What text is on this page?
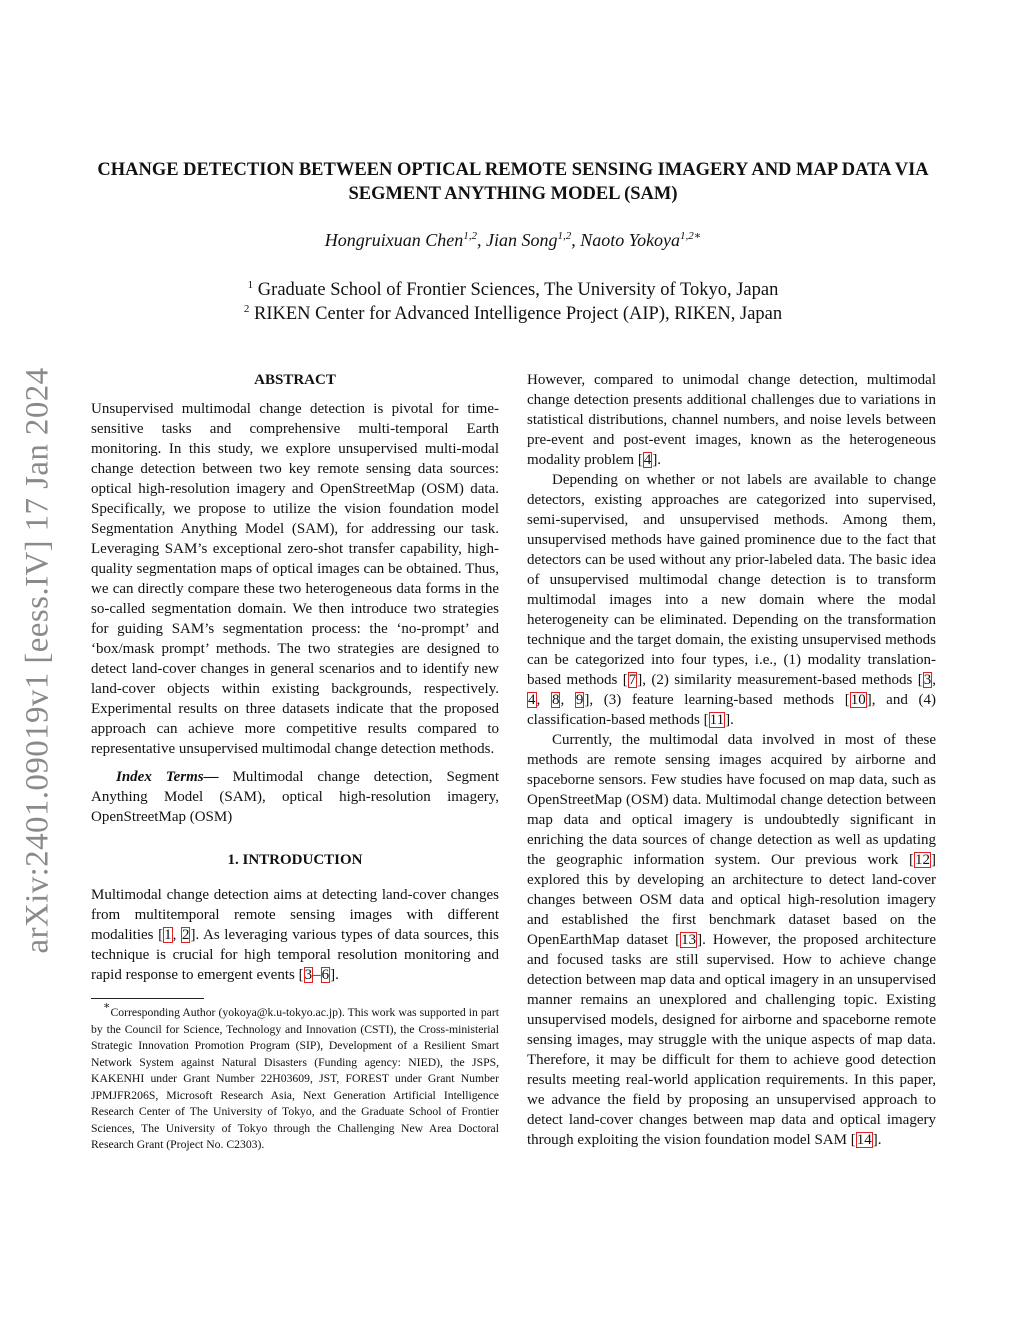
arXiv:2401.09019v1 [eess.IV] 17 Jan 2024
CHANGE DETECTION BETWEEN OPTICAL REMOTE SENSING IMAGERY AND MAP DATA VIA SEGMENT ANYTHING MODEL (SAM)
Hongruixuan Chen$^{1,2}$, Jian Song$^{1,2}$, Naoto Yokoya$^{1,2∗}$
$^1$ Graduate School of Frontier Sciences, The University of Tokyo, Japan
$^2$ RIKEN Center for Advanced Intelligence Project (AIP), RIKEN, Japan
ABSTRACT

Unsupervised multimodal change detection is pivotal for time-sensitive tasks and comprehensive multi-temporal Earth monitoring. In this study, we explore unsupervised multi-modal change detection between two key remote sensing data sources: optical high-resolution imagery and OpenStreetMap (OSM) data. Specifically, we propose to utilize the vision foundation model Segmentation Anything Model (SAM), for addressing our task. Leveraging SAM’s exceptional zero-shot transfer capability, high-quality segmentation maps of optical images can be obtained. Thus, we can directly compare these two heterogeneous data forms in the so-called segmentation domain. We then introduce two strategies for guiding SAM’s segmentation process: the ‘no-prompt’ and ‘box/mask prompt’ methods. The two strategies are designed to detect land-cover changes in general scenarios and to identify new land-cover objects within existing backgrounds, respectively. Experimental results on three datasets indicate that the proposed approach can achieve more competitive results compared to representative unsupervised multimodal change detection methods.

Index Terms— Multimodal change detection, Segment Anything Model (SAM), optical high-resolution imagery, OpenStreetMap (OSM)

1. INTRODUCTION

Multimodal change detection aims at detecting land-cover changes from multitemporal remote sensing images with different modalities [1, 2]. As leveraging various types of data sources, this technique is crucial for high temporal resolution monitoring and rapid response to emergent events [3–6].

∗Corresponding Author (yokoya@k.u-tokyo.ac.jp). This work was supported in part by the Council for Science, Technology and Innovation (CSTI), the Cross-ministerial Strategic Innovation Promotion Program (SIP), Development of a Resilient Smart Network System against Natural Disasters (Funding agency: NIED), the JSPS, KAKENHI under Grant Number 22H03609, JST, FOREST under Grant Number JPMJFR206S, Microsoft Research Asia, Next Generation Artificial Intelligence Research Center of The University of Tokyo, and the Graduate School of Frontier Sciences, The University of Tokyo through the Challenging New Area Doctoral Research Grant (Project No. C2303).

However, compared to unimodal change detection, multimodal change detection presents additional challenges due to variations in statistical distributions, channel numbers, and noise levels between pre-event and post-event images, known as the heterogeneous modality problem [4].

Depending on whether or not labels are available to change detectors, existing approaches are categorized into supervised, semi-supervised, and unsupervised methods. Among them, unsupervised methods have gained prominence due to the fact that detectors can be used without any prior-labeled data. The basic idea of unsupervised multimodal change detection is to transform multimodal images into a new domain where the modal heterogeneity can be eliminated. Depending on the transformation technique and the target domain, the existing unsupervised methods can be categorized into four types, i.e., (1) modality translation-based methods [7], (2) similarity measurement-based methods [3, 4, 8, 9], (3) feature learning-based methods [10], and (4) classification-based methods [11].

Currently, the multimodal data involved in most of these methods are remote sensing images acquired by airborne and spaceborne sensors. Few studies have focused on map data, such as OpenStreetMap (OSM) data. Multimodal change detection between map data and optical imagery is undoubtedly significant in enriching the data sources of change detection as well as updating the geographic information system. Our previous work [12] explored this by developing an architecture to detect land-cover changes between OSM data and optical high-resolution imagery and established the first benchmark dataset based on the OpenEarthMap dataset [13]. However, the proposed architecture and focused tasks are still supervised. How to achieve change detection between map data and optical imagery in an unsupervised manner remains an unexplored and challenging topic. Existing unsupervised models, designed for airborne and spaceborne remote sensing images, may struggle with the unique aspects of map data. Therefore, it may be difficult for them to achieve good detection results meeting real-world application requirements. In this paper, we advance the field by proposing an unsupervised approach to detect land-cover changes between map data and optical imagery through exploiting the vision foundation model SAM [14].
